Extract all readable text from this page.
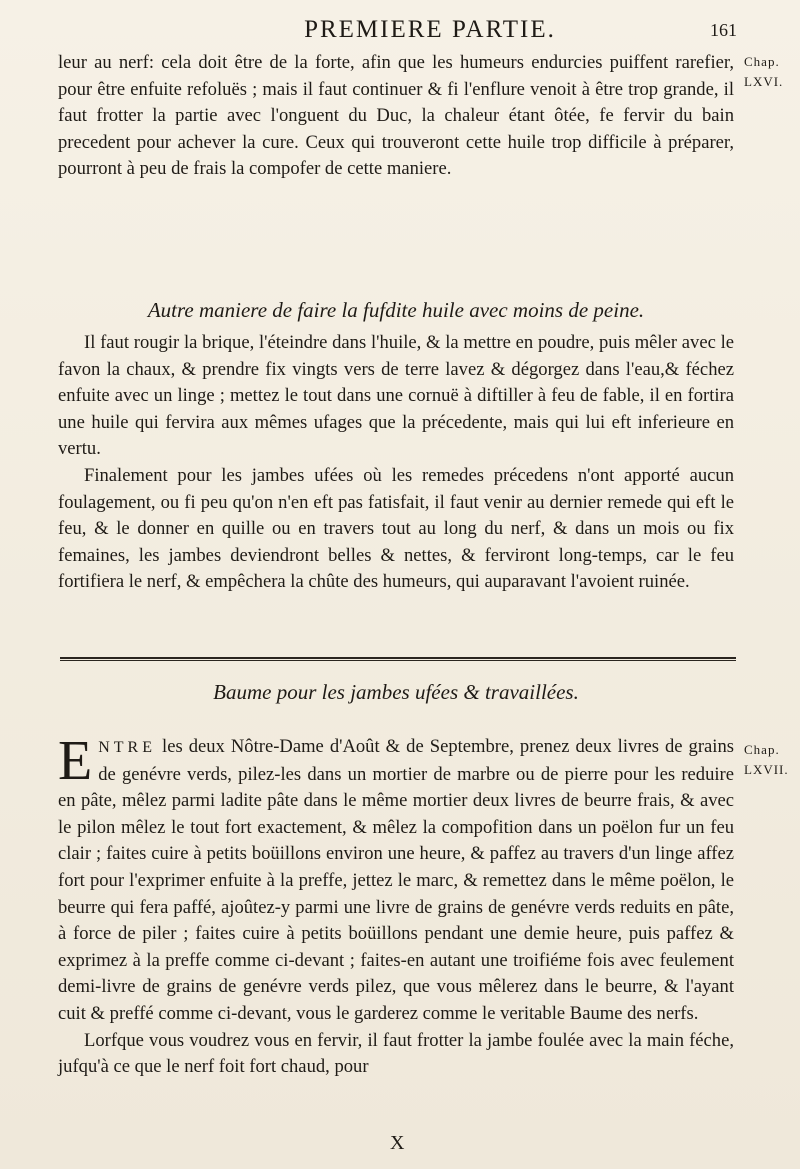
PREMIERE PARTIE.	161
Chap.
LXVI.

leur au nerf: cela doit être de la forte, afin que les humeurs endurcies puiffent rarefier, pour être enfuite refoluës ; mais il faut continuer & fi l'enflure venoit à être trop grande, il faut frotter la partie avec l'onguent du Duc, la chaleur étant ôtée, fe fervir du bain precedent pour achever la cure. Ceux qui trouveront cette huile trop difficile à préparer, pourront à peu de frais la compofer de cette maniere.

Autre maniere de faire la fufdite huile avec moins de peine.

Il faut rougir la brique, l'éteindre dans l'huile, & la mettre en poudre, puis mêler avec le favon la chaux, & prendre fix vingts vers de terre lavez & dégorgez dans l'eau,& féchez enfuite avec un linge ; mettez le tout dans une cornuë à diftiller à feu de fable, il en fortira une huile qui fervira aux mêmes ufages que la précedente, mais qui lui eft inferieure en vertu.

Finalement pour les jambes ufées où les remedes précedens n'ont apporté aucun foulagement, ou fi peu qu'on n'en eft pas fatisfait, il faut venir au dernier remede qui eft le feu, & le donner en quille ou en travers tout au long du nerf, & dans un mois ou fix femaines, les jambes deviendront belles & nettes, & ferviront long-temps, car le feu fortifiera le nerf, & empêchera la chûte des humeurs, qui auparavant l'avoient ruinée.

Baume pour les jambes ufées & travaillées.
Chap.
LXVII.

ENTRE les deux Nôtre-Dame d'Août & de Septembre, prenez deux livres de grains de genévre verds, pilez-les dans un mortier de marbre ou de pierre pour les reduire en pâte, mêlez parmi ladite pâte dans le même mortier deux livres de beurre frais, & avec le pilon mêlez le tout fort exactement, & mêlez la compofition dans un poëlon fur un feu clair ; faites cuire à petits boüillons environ une heure, & paffez au travers d'un linge affez fort pour l'exprimer enfuite à la preffe, jettez le marc, & remettez dans le même poëlon, le beurre qui fera paffé, ajoûtez-y parmi une livre de grains de genévre verds reduits en pâte, à force de piler ; faites cuire à petits boüillons pendant une demie heure, puis paffez & exprimez à la preffe comme ci-devant ; faites-en autant une troifiéme fois avec feulement demi-livre de grains de genévre verds pilez, que vous mêlerez dans le beurre, & l'ayant cuit & preffé comme ci-devant, vous le garderez comme le veritable Baume des nerfs.

Lorfque vous voudrez vous en fervir, il faut frotter la jambe foulée avec la main féche, jufqu'à ce que le nerf foit fort chaud, pour

X
